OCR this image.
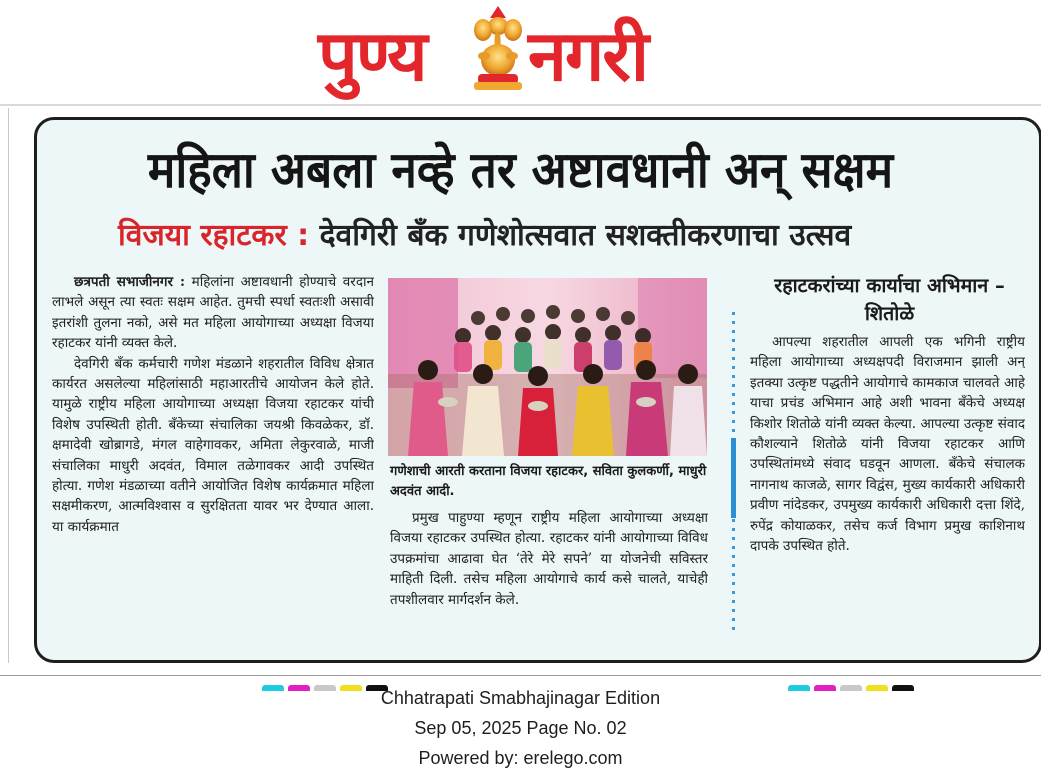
पुण्य नगरी
महिला अबला नव्हे तर अष्टावधानी अन् सक्षम
विजया रहाटकर : देवगिरी बँक गणेशोत्सवात सशक्तीकरणाचा उत्सव

छत्रपती सभाजीनगर : महिलांना अष्टावधानी होण्याचे वरदान लाभले असून त्या स्वतः सक्षम आहेत. तुमची स्पर्धा स्वतःशी असावी इतरांशी तुलना नको, असे मत महिला आयोगाच्या अध्यक्षा विजया रहाटकर यांनी व्यक्त केले.

देवगिरी बँक कर्मचारी गणेश मंडळाने शहरातील विविध क्षेत्रात कार्यरत असलेल्या महिलांसाठी महाआरतीचे आयोजन केले होते. यामुळे राष्ट्रीय महिला आयोगाच्या अध्यक्षा विजया रहाटकर यांची विशेष उपस्थिती होती. बँकेच्या संचालिका जयश्री किवळेकर, डॉ. क्षमादेवी खोब्रागडे, मंगल वाहेगावकर, अमिता लेकुरवाळे, माजी संचालिका माधुरी अदवंत, विमाल तळेगावकर आदी उपस्थित होत्या. गणेश मंडळाच्या वतीने आयोजित विशेष कार्यक्रमात महिला सक्षमीकरण, आत्मविश्वास व सुरक्षितता यावर भर देण्यात आला. या कार्यक्रमात

गणेशाची आरती करताना विजया रहाटकर, सविता कुलकर्णी, माधुरी अदवंत आदी.

प्रमुख पाहुण्या म्हणून राष्ट्रीय महिला आयोगाच्या अध्यक्षा विजया रहाटकर उपस्थित होत्या. रहाटकर यांनी आयोगाच्या विविध उपक्रमांचा आढावा घेत ‘तेरे मेरे सपने’ या योजनेची सविस्तर माहिती दिली. तसेच महिला आयोगाचे कार्य कसे चालते, याचेही तपशीलवार मार्गदर्शन केले.

रहाटकरांच्या कार्याचा अभिमान – शितोळे

आपल्या शहरातील आपली एक भगिनी राष्ट्रीय महिला आयोगाच्या अध्यक्षपदी विराजमान झाली अन् इतक्या उत्कृष्ट पद्धतीने आयोगाचे कामकाज चालवते आहे याचा प्रचंड अभिमान आहे अशी भावना बँकेचे अध्यक्ष किशोर शितोळे यांनी व्यक्त केल्या. आपल्या उत्कृष्ट संवाद कौशल्याने शितोळे यांनी विजया रहाटकर आणि उपस्थितांमध्ये संवाद घडवून आणला. बँकेचे संचालक नागनाथ काजळे, सागर विद्वंस, मुख्य कार्यकारी अधिकारी प्रवीण नांदेडकर, उपमुख्य कार्यकारी अधिकारी दत्ता शिंदे, रुपेंद्र कोयाळकर, तसेच कर्ज विभाग प्रमुख काशिनाथ दापके उपस्थित होते.

Chhatrapati Smabhajinagar Edition
Sep 05, 2025 Page No. 02
Powered by: erelego.com
